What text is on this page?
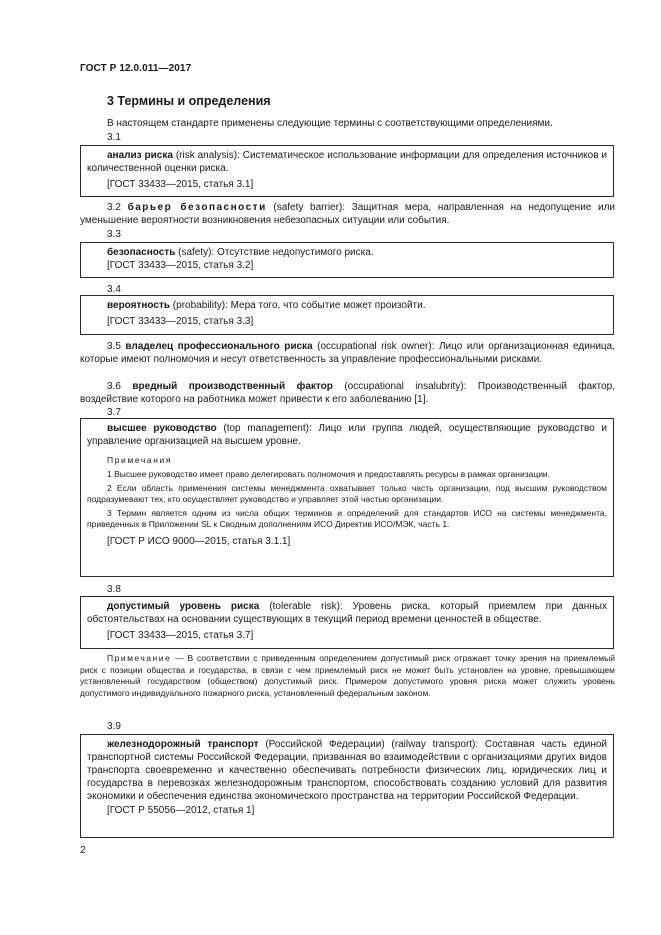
ГОСТ Р 12.0.011—2017
3 Термины и определения
В настоящем стандарте применены следующие термины с соответствующими определениями.
3.1

анализ риска (risk analysis): Систематическое использование информации для определения источников и количественной оценки риска.

[ГОСТ 33433—2015, статья 3.1]

3.2 барьер безопасности (safety barrier): Защитная мера, направленная на недопущение или уменьшение вероятности возникновения небезопасных ситуации или события.
3.3

безопасность (safety): Отсутствие недопустимого риска.

[ГОСТ 33433—2015, статья 3.2]

3.4

вероятность (probability): Мера того, что событие может произойти.

[ГОСТ 33433—2015, статья 3.3]

3.5 владелец профессионального риска (occupational risk owner): Лицо или организационная единица, которые имеют полномочия и несут ответственность за управление профессиональными рисками.
3.6 вредный производственный фактор (occupational insalubrity): Производственный фактор, воздействие которого на работника может привести к его заболеванию [1].
3.7

высшее руководство (top management): Лицо или группа людей, осуществляющие руководство и управление организацией на высшем уровне.

Примечания

1 Высшее руководство имеет право делегировать полномочия и предоставлять ресурсы в рамках организации.

2 Если область применения системы менеджмента охватывает только часть организации, под высшим руководством подразумевают тех, кто осуществляет руководство и управляет этой частью организации.

3 Термин является одним из числа общих терминов и определений для стандартов ИСО на системы менеджмента, приведенных в Приложении SL к Сводным дополнениям ИСО Директив ИСО/МЭК, часть 1.

[ГОСТ Р ИСО 9000—2015, статья 3.1.1]

3.8

допустимый уровень риска (tolerable risk): Уровень риска, который приемлем при данных обстоятельствах на основании существующих в текущий период времени ценностей в обществе.

[ГОСТ 33433—2015, статья 3.7]

Примечание — В соответствии с приведенным определением допустимый риск отражает точку зрения на приемлемый риск с позиции общества и государства, в связи с чем приемлемый риск не может быть установлен на уровне, превышающем установленный государством (обществом) допустимый риск. Примером допустимого уровня риска может служить уровень допустимого индивидуального пожарного риска, установленный федеральным законом.
3.9

железнодорожный транспорт (Российской Федерации) (railway transport): Составная часть единой транспортной системы Российской Федерации, призванная во взаимодействии с организациями других видов транспорта своевременно и качественно обеспечивать потребности физических лиц, юридических лиц и государства в перевозках железнодорожным транспортом, способствовать созданию условий для развития экономики и обеспечения единства экономического пространства на территории Российской Федерации.

[ГОСТ Р 55056—2012, статья 1]

2
